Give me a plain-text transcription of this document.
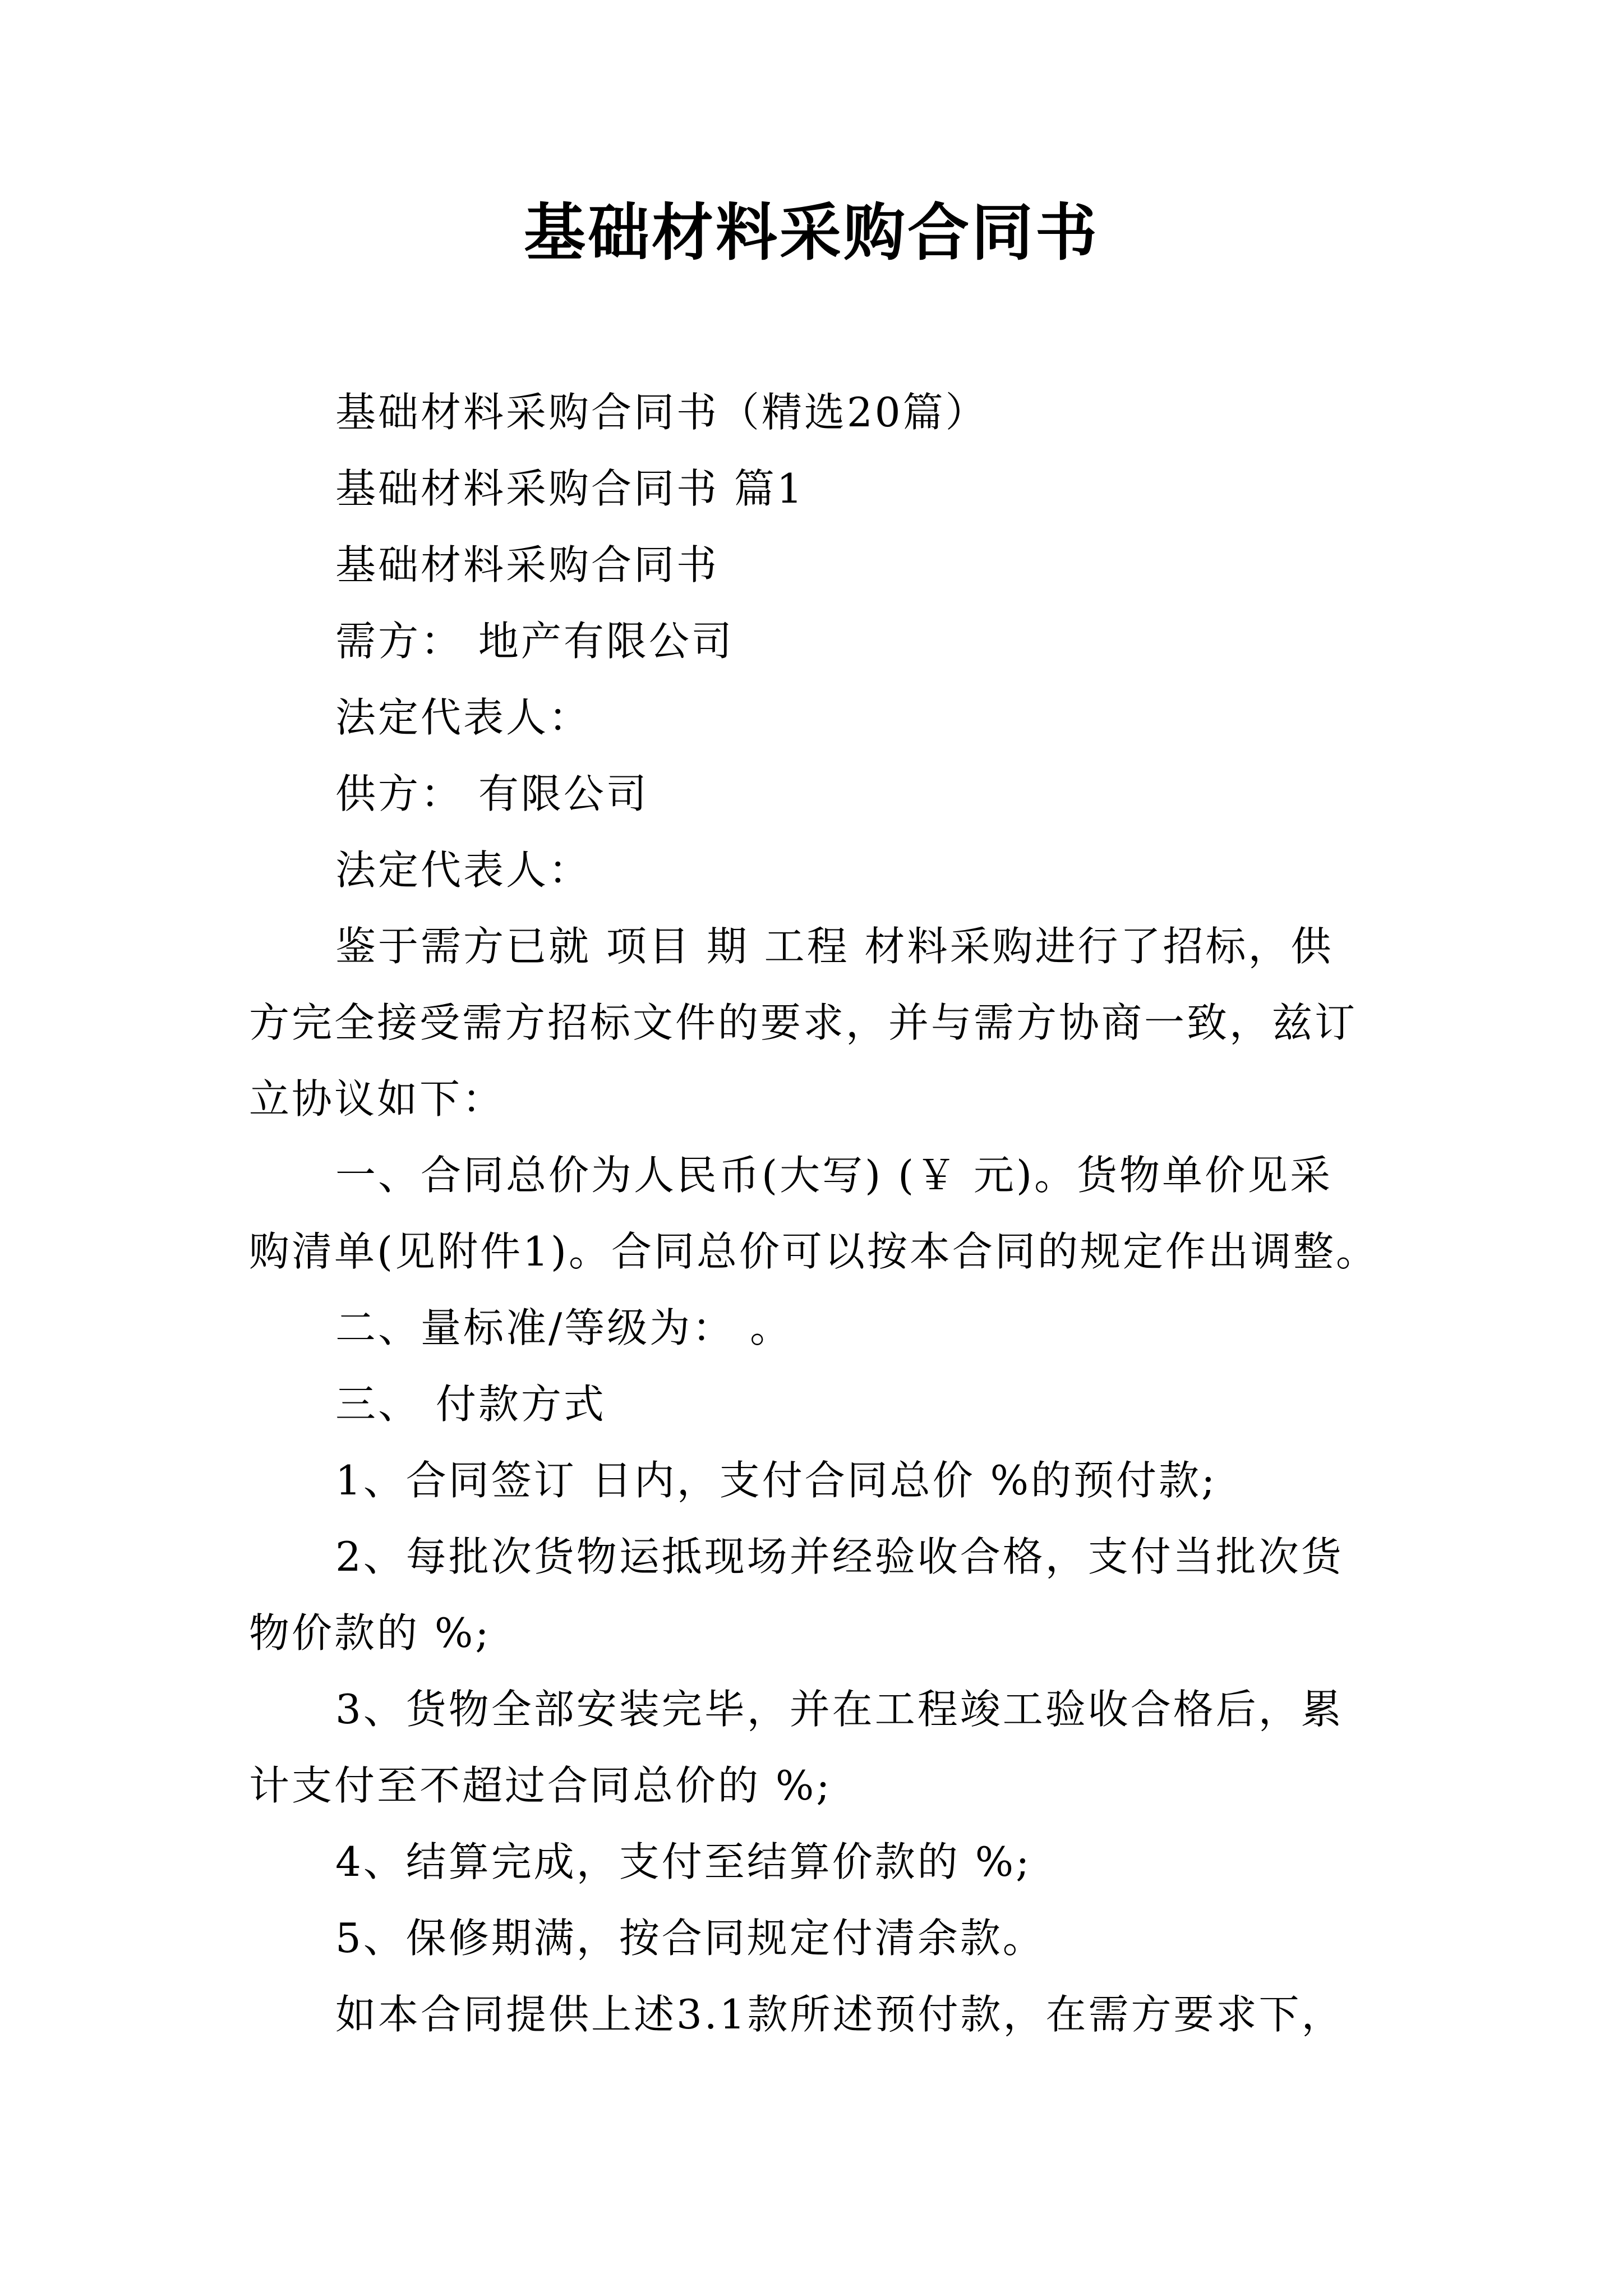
基础材料采购合同书
基础材料采购合同书（精选20篇）
基础材料采购合同书 篇1
基础材料采购合同书
需方： 地产有限公司
法定代表人：
供方： 有限公司
法定代表人：
鉴于需方已就 项目 期 工程 材料采购进行了招标，供
方完全接受需方招标文件的要求，并与需方协商一致，兹订
立协议如下：
一、合同总价为人民币(大写) (￥ 元)。货物单价见采
购清单(见附件1)。合同总价可以按本合同的规定作出调整。
二、量标准/等级为： 。
三、 付款方式
1、合同签订 日内，支付合同总价 %的预付款;
2、每批次货物运抵现场并经验收合格，支付当批次货
物价款的 %;
3、货物全部安装完毕，并在工程竣工验收合格后，累
计支付至不超过合同总价的 %;
4、结算完成，支付至结算价款的 %;
5、保修期满，按合同规定付清余款。
如本合同提供上述3.1款所述预付款，在需方要求下，
